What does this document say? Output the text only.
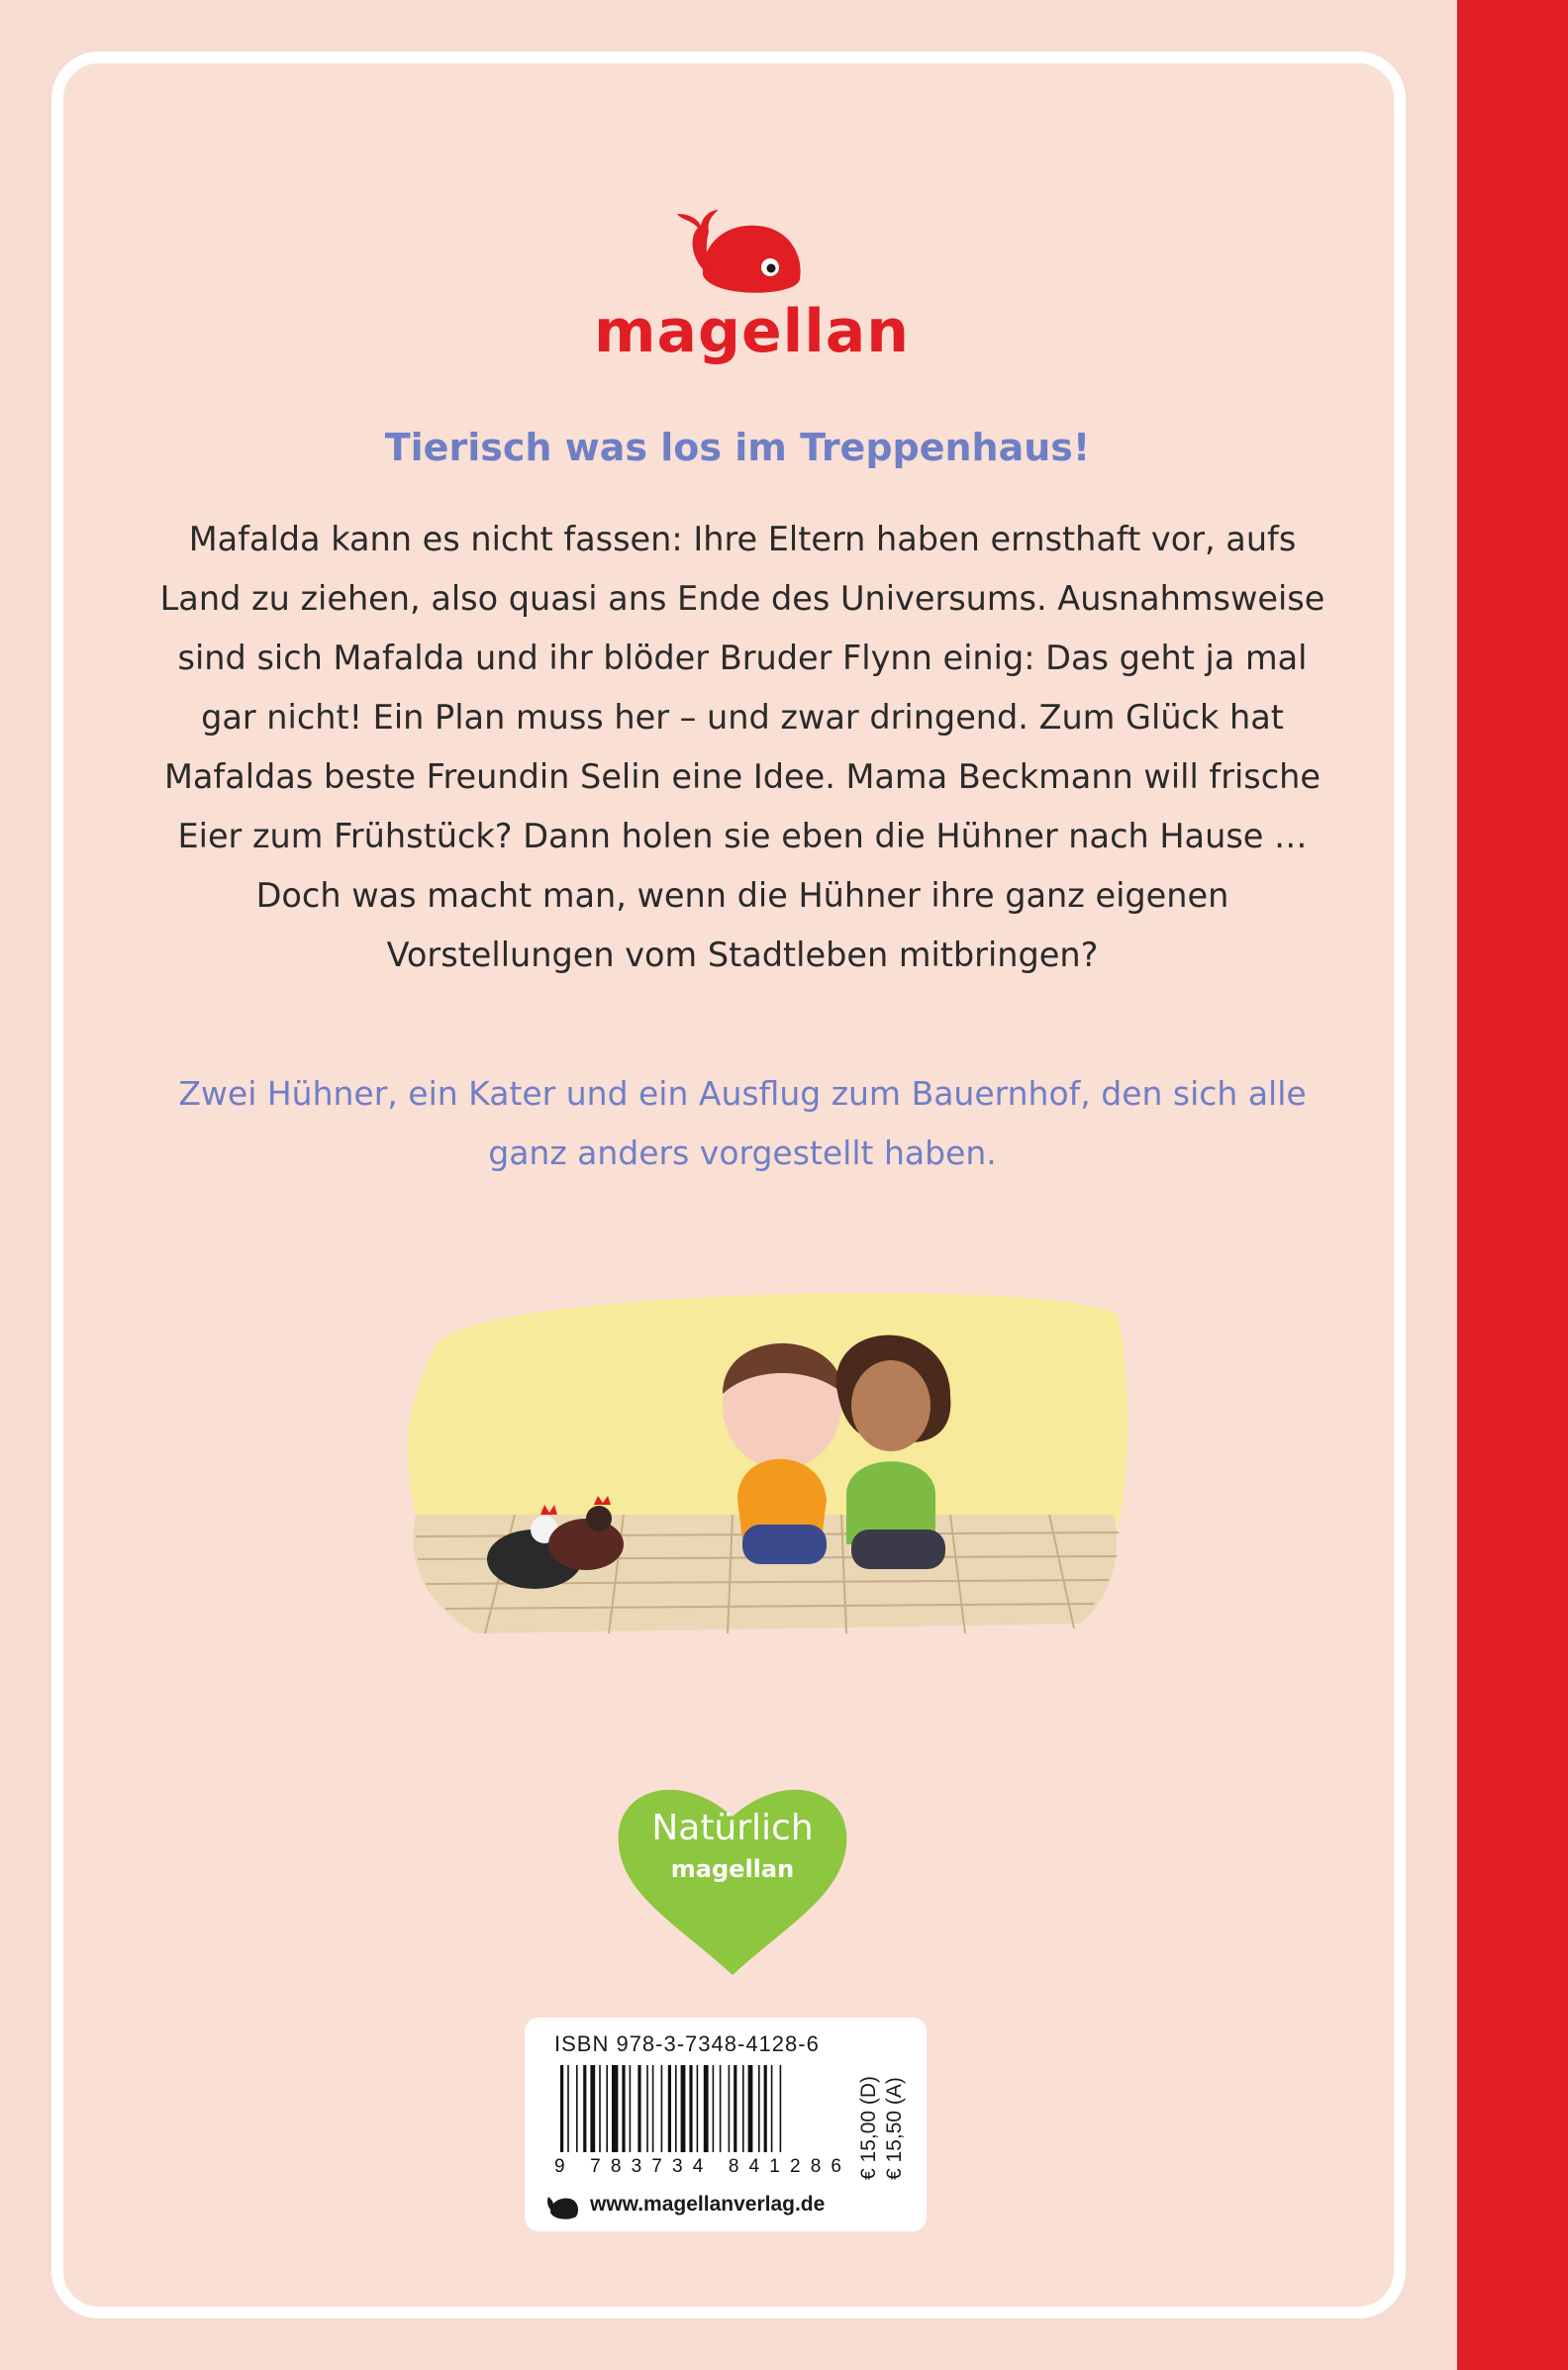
magellan
Tierisch was los im Treppenhaus!

Mafalda kann es nicht fassen: Ihre Eltern haben ernsthaft vor, aufs Land zu ziehen, also quasi ans Ende des Universums. Ausnahmsweise sind sich Mafalda und ihr blöder Bruder Flynn einig: Das geht ja mal gar nicht! Ein Plan muss her – und zwar dringend. Zum Glück hat Mafaldas beste Freundin Selin eine Idee. Mama Beckmann will frische Eier zum Frühstück? Dann holen sie eben die Hühner nach Hause … Doch was macht man, wenn die Hühner ihre ganz eigenen Vorstellungen vom Stadtleben mitbringen?

Zwei Hühner, ein Kater und ein Ausflug zum Bauernhof, den sich alle ganz anders vorgestellt haben.

Natürlich
magellan
ISBN 978-3-7348-4128-6
9 783734 841286 € 15,00 (D) € 15,50 (A)
www.magellanverlag.de
